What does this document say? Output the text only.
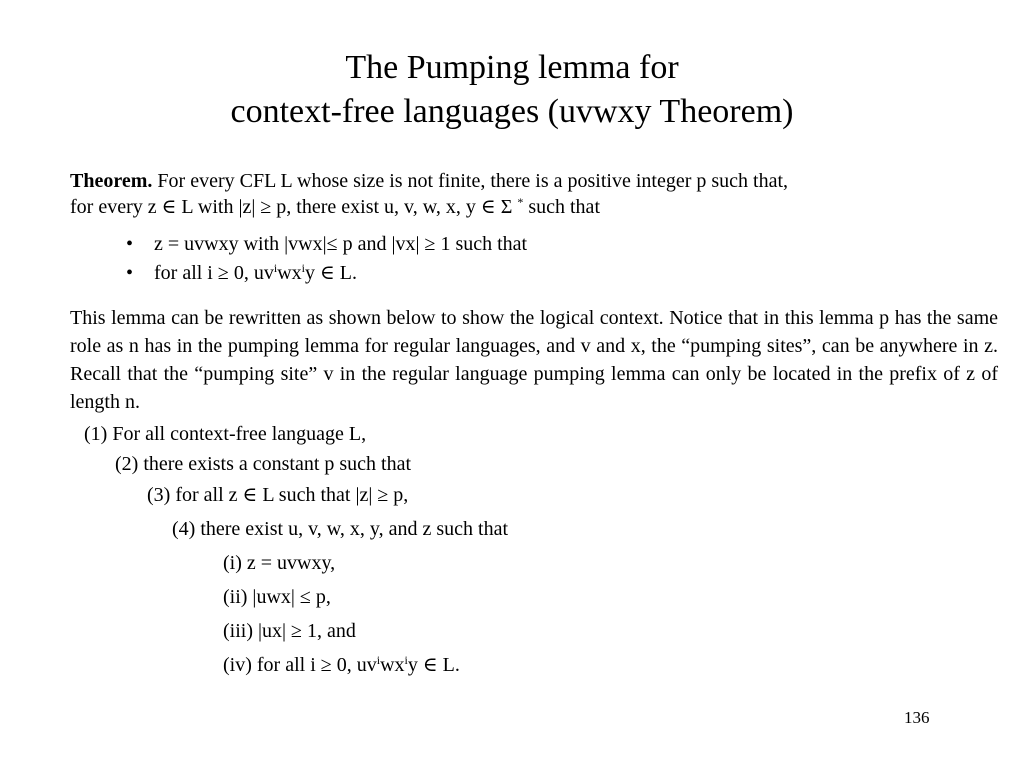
The Pumping lemma for
context-free languages (uvwxy Theorem)
Theorem. For every CFL L whose size is not finite, there is a positive integer p such that,
for every z ∈ L with |z| ≥ p, there exist u, v, w, x, y ∈ Σ * such that
• z = uvwxy with |vwx|≤ p and |vx| ≥ 1 such that
• for all i ≥ 0, $uv^iwx^iy$ ∈ L.
This lemma can be rewritten as shown below to show the logical context. Notice that in this lemma p has the same role as n has in the pumping lemma for regular languages, and v and x, the “pumping sites”, can be anywhere in z. Recall that the “pumping site” v in the regular language pumping lemma can only be located in the prefix of z of length n.
(1) For all context-free language L,
(2) there exists a constant p such that
(3) for all z ∈ L such that |z| ≥ p,
(4) there exist u, v, w, x, y, and z such that
(i) z = uvwxy,
(ii) |uwx| ≤ p,
(iii) |ux| ≥ 1, and
(iv) for all i ≥ 0, $uv^iwx^iy$ ∈ L.
136
